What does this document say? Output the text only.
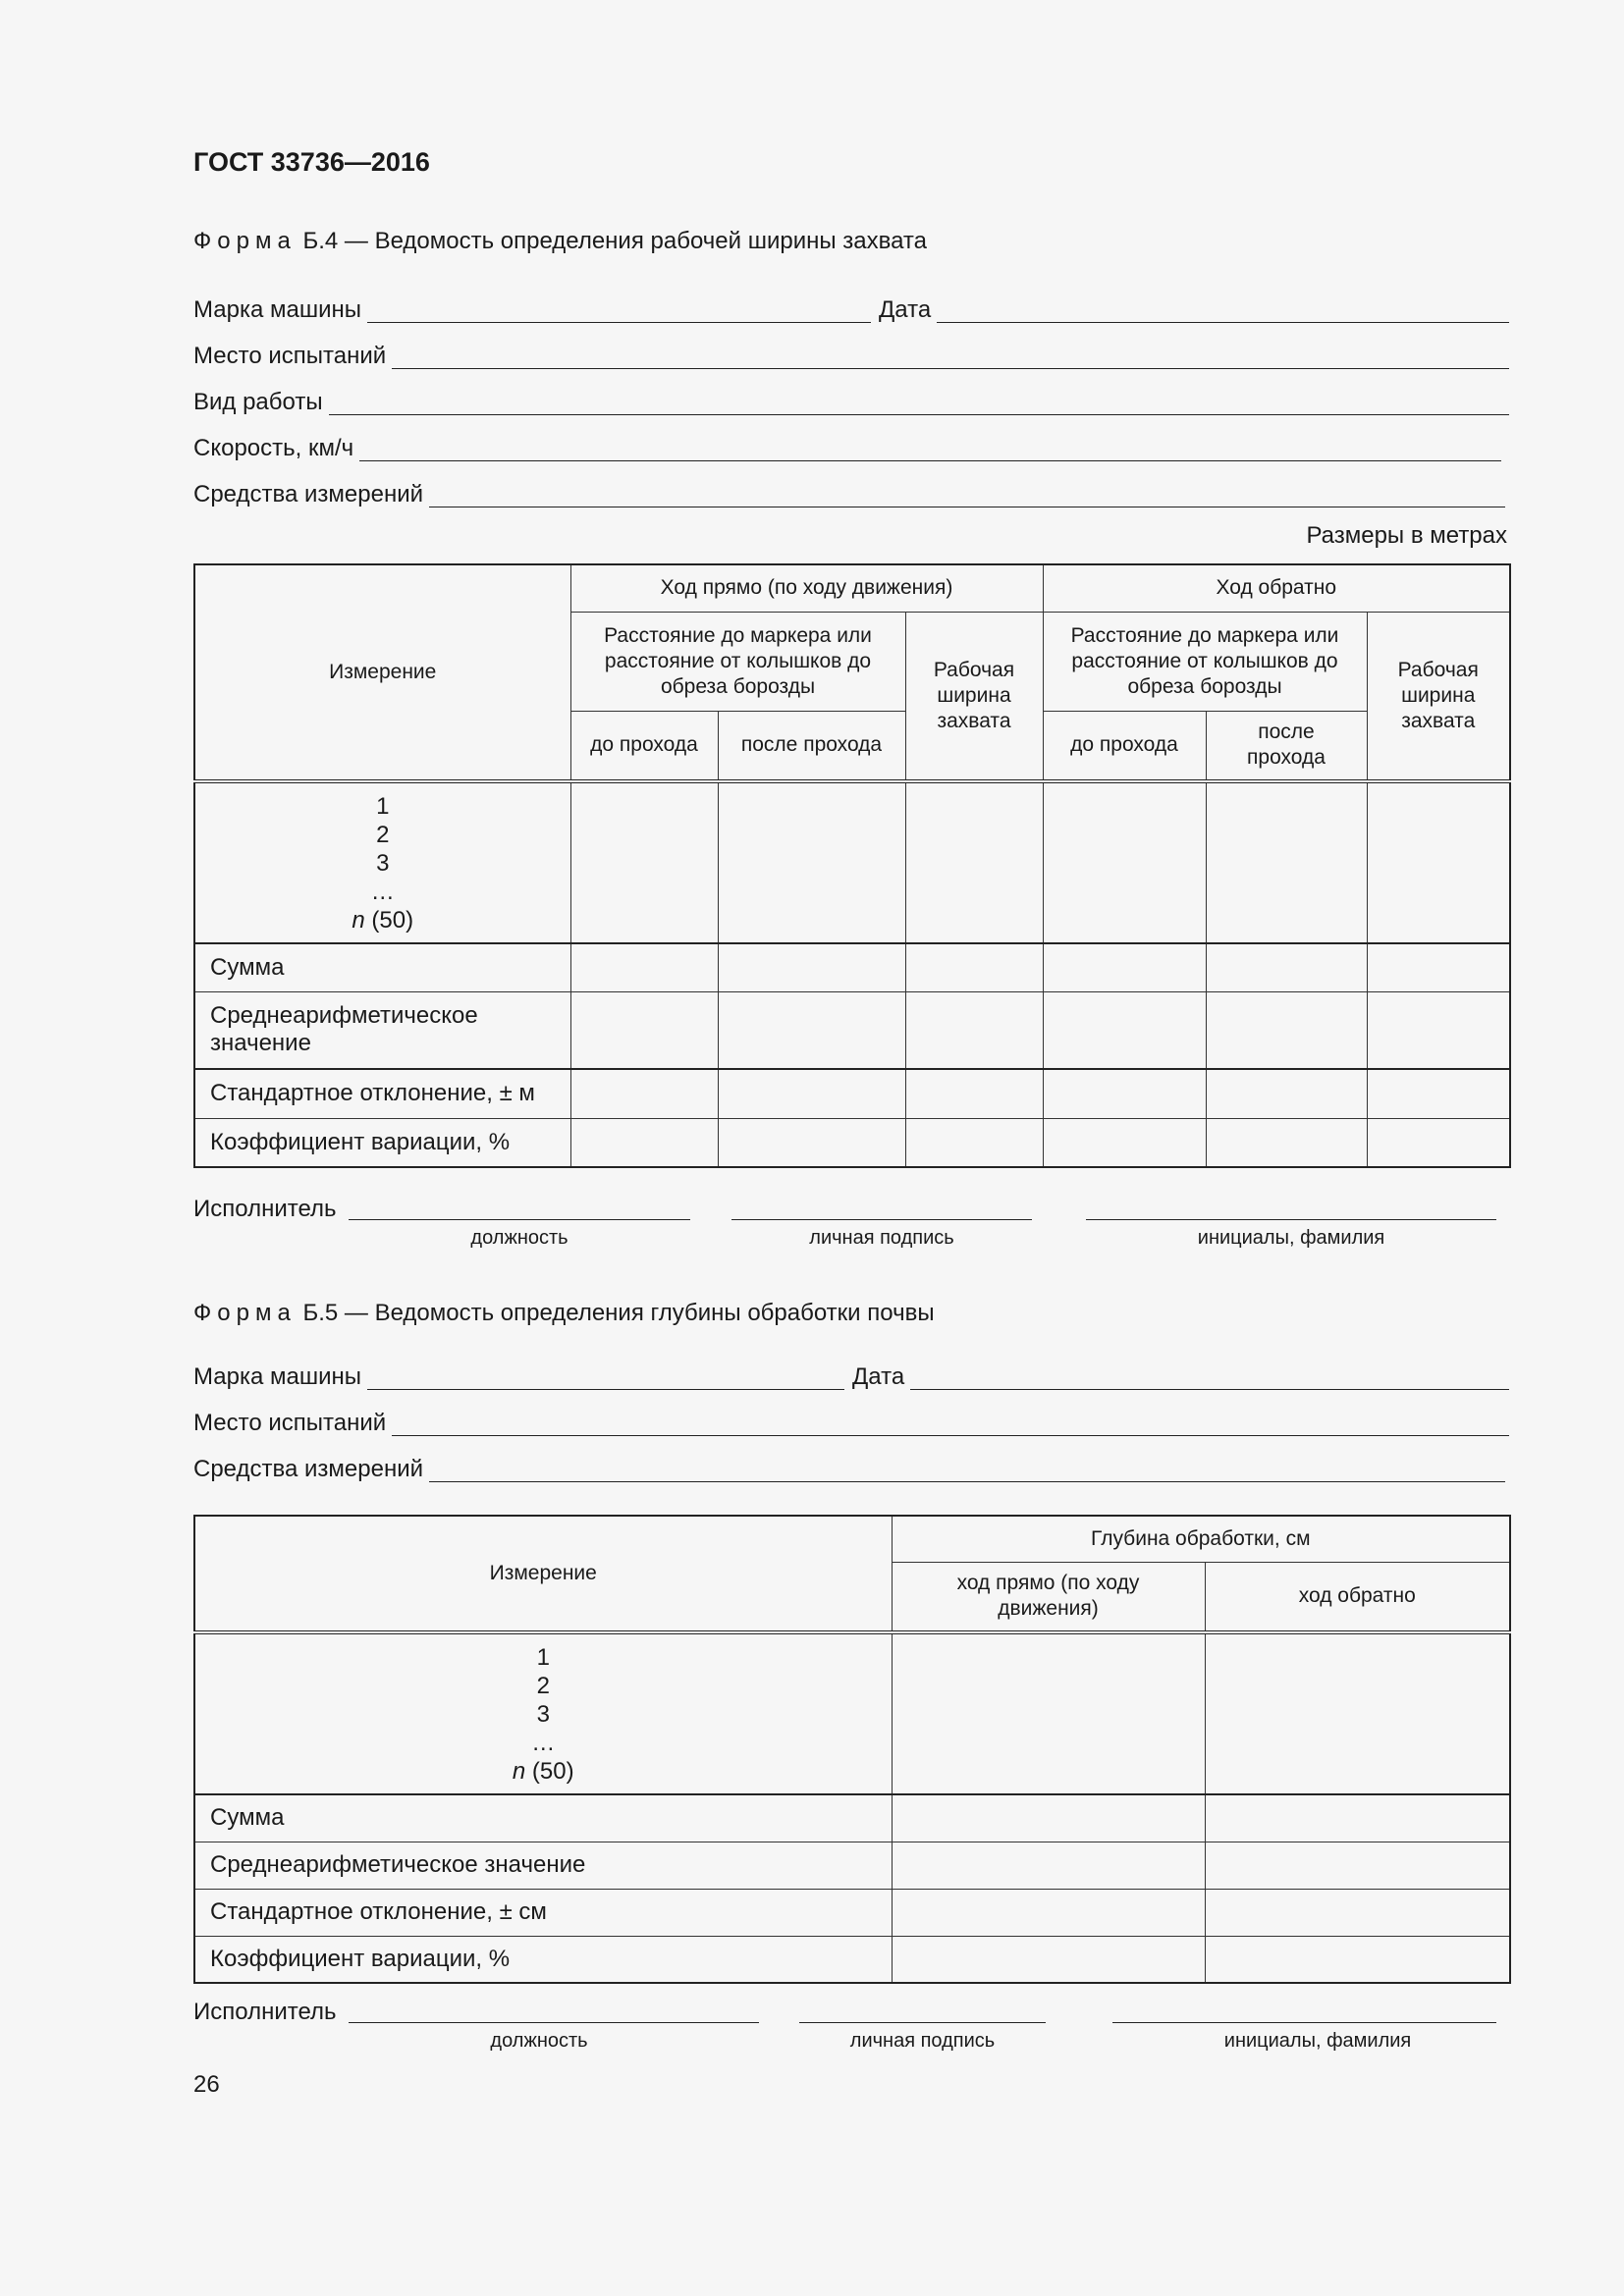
ГОСТ 33736—2016
Форма Б.4 — Ведомость определения рабочей ширины захвата
Марка машины	Дата
Место испытаний
Вид работы
Скорость, км/ч
Средства измерений
Размеры в метрах
Измерение	Ход прямо (по ходу движения)			Ход обратно		
	Расстояние до маркера или расстояние от колышков до обреза борозды		Рабочая ширина захвата	Расстояние до маркера или расстояние от колышков до обреза борозды		Рабочая ширина захвата
	до прохода	после прохода		до прохода	после прохода	

1
2
3
…
n (50)						

Сумма						
Среднеарифметическое значение						
Стандартное отклонение, ± м						
Коэффициент вариации, %						
Исполнитель
должность	личная подпись	инициалы, фамилия
Форма Б.5 — Ведомость определения глубины обработки почвы
Марка машины	Дата
Место испытаний
Средства измерений
Измерение	Глубина обработки, см	
	ход прямо (по ходу движения)	ход обратно

1
2
3
…
n (50)		

Сумма		
Среднеарифметическое значение		
Стандартное отклонение, ± см		
Коэффициент вариации, %		
Исполнитель
должность	личная подпись	инициалы, фамилия
26
